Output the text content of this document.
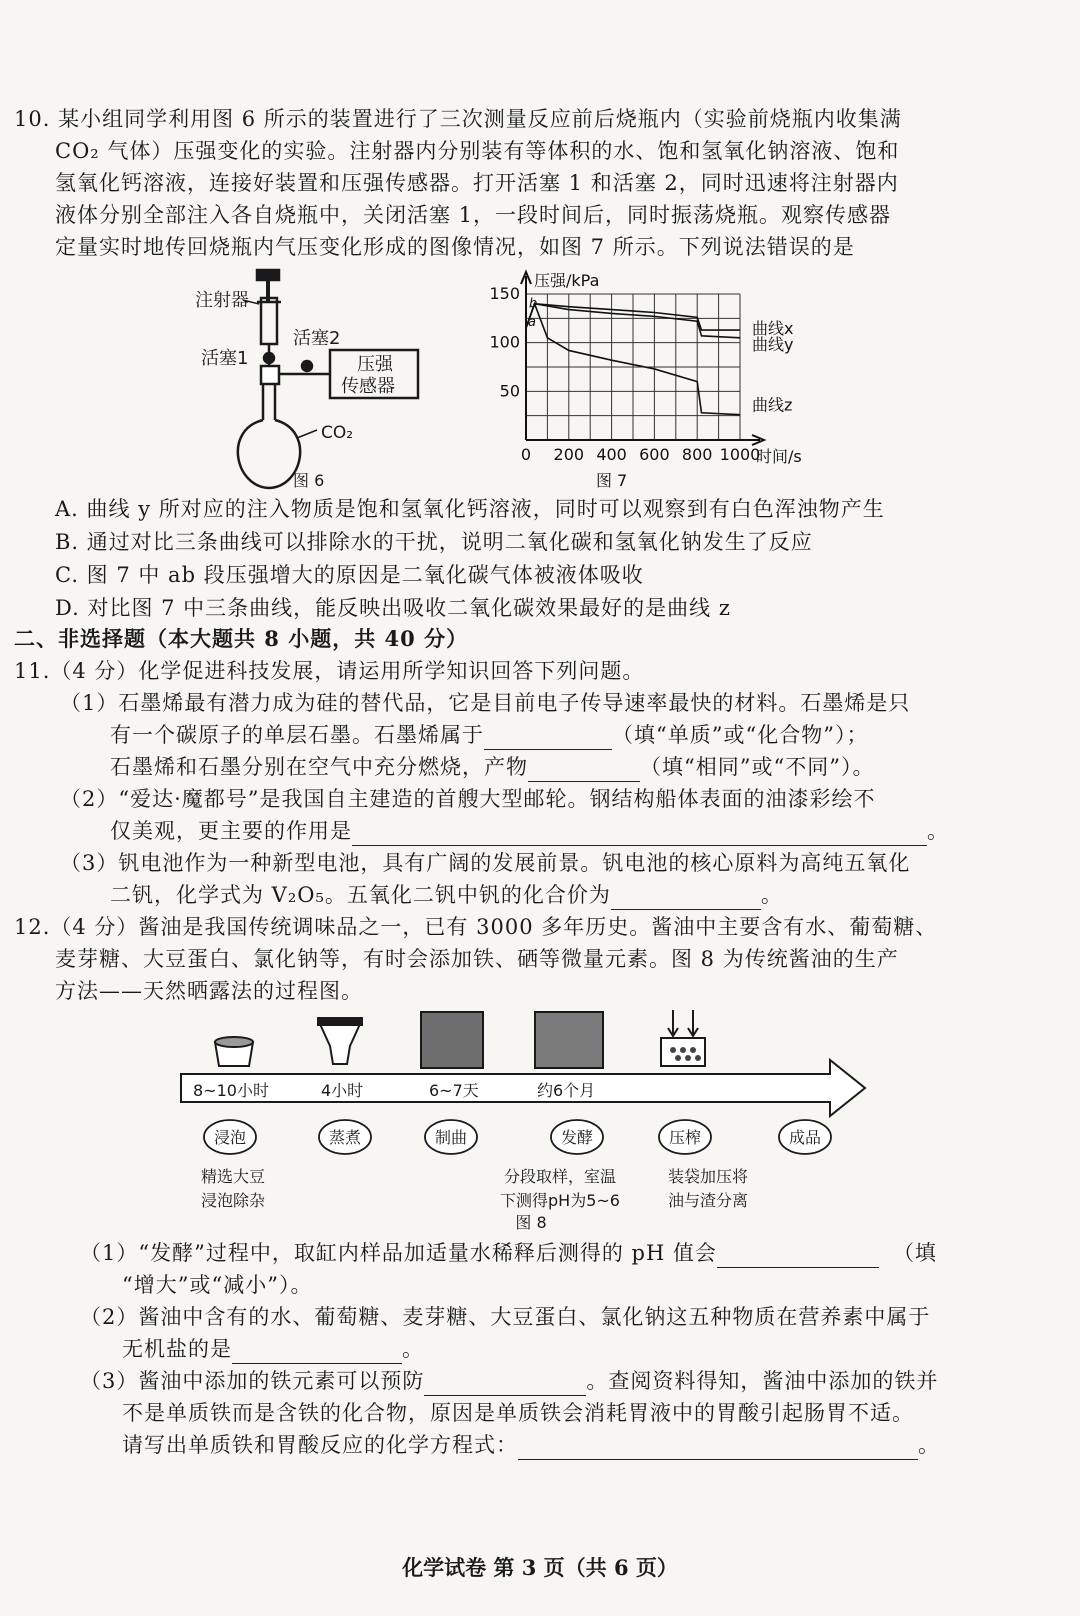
10. 某小组同学利用图 6 所示的装置进行了三次测量反应前后烧瓶内（实验前烧瓶内收集满
CO₂ 气体）压强变化的实验。注射器内分别装有等体积的水、饱和氢氧化钠溶液、饱和
氢氧化钙溶液，连接好装置和压强传感器。打开活塞 1 和活塞 2，同时迅速将注射器内
液体分别全部注入各自烧瓶中，关闭活塞 1，一段时间后，同时振荡烧瓶。观察传感器
定量实时地传回烧瓶内气压变化形成的图像情况，如图 7 所示。下列说法错误的是
注射器
活塞1
活塞2
压强
传感器
CO₂
图 6
压强/kPa
时间/s
0 200 400 600 800 1000
50
100
150
曲线x
曲线y
曲线z
a
b
图 7
A. 曲线 y 所对应的注入物质是饱和氢氧化钙溶液，同时可以观察到有白色浑浊物产生
B. 通过对比三条曲线可以排除水的干扰，说明二氧化碳和氢氧化钠发生了反应
C. 图 7 中 ab 段压强增大的原因是二氧化碳气体被液体吸收
D. 对比图 7 中三条曲线，能反映出吸收二氧化碳效果最好的是曲线 z
二、非选择题（本大题共 8 小题，共 40 分）
11.（4 分）化学促进科技发展，请运用所学知识回答下列问题。
（1）石墨烯最有潜力成为硅的替代品，它是目前电子传导速率最快的材料。石墨烯是只
有一个碳原子的单层石墨。石墨烯属于	（填“单质”或“化合物”）；
石墨烯和石墨分别在空气中充分燃烧，产物	（填“相同”或“不同”）。
（2）“爱达·魔都号”是我国自主建造的首艘大型邮轮。钢结构船体表面的油漆彩绘不
仅美观，更主要的作用是	。
（3）钒电池作为一种新型电池，具有广阔的发展前景。钒电池的核心原料为高纯五氧化
二钒，化学式为 V₂O₅。五氧化二钒中钒的化合价为	。
12.（4 分）酱油是我国传统调味品之一，已有 3000 多年历史。酱油中主要含有水、葡萄糖、
麦芽糖、大豆蛋白、氯化钠等，有时会添加铁、硒等微量元素。图 8 为传统酱油的生产
方法——天然晒露法的过程图。
8~10小时	4小时	6~7天	约6个月
浸泡	蒸煮	制曲	发酵	压榨	成品
精选大豆
浸泡除杂
分段取样，室温
下测得pH为5~6
装袋加压将
油与渣分离
图 8
（1）“发酵”过程中，取缸内样品加适量水稀释后测得的 pH 值会	（填
“增大”或“减小”）。
（2）酱油中含有的水、葡萄糖、麦芽糖、大豆蛋白、氯化钠这五种物质在营养素中属于
无机盐的是	。
（3）酱油中添加的铁元素可以预防	。查阅资料得知，酱油中添加的铁并
不是单质铁而是含铁的化合物，原因是单质铁会消耗胃液中的胃酸引起肠胃不适。
请写出单质铁和胃酸反应的化学方程式：	。
化学试卷 第 3 页（共 6 页）
